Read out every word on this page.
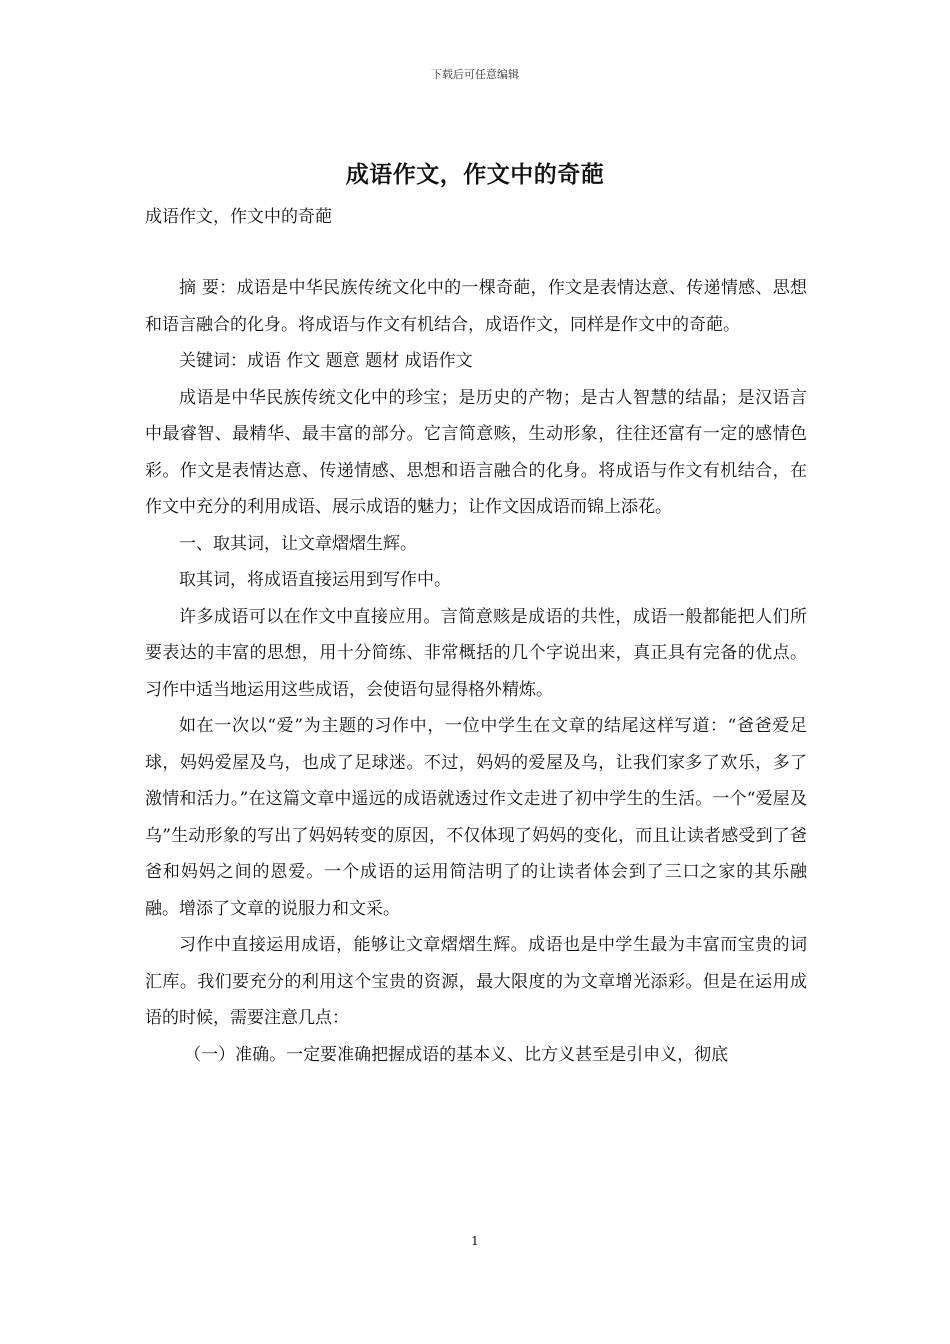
下载后可任意编辑
成语作文，作文中的奇葩
成语作文，作文中的奇葩

摘 要：成语是中华民族传统文化中的一棵奇葩，作文是表情达意、传递情感、思想和语言融合的化身。将成语与作文有机结合，成语作文，同样是作文中的奇葩。

关键词：成语 作文 题意 题材 成语作文

成语是中华民族传统文化中的珍宝；是历史的产物；是古人智慧的结晶；是汉语言中最睿智、最精华、最丰富的部分。它言简意赅，生动形象，往往还富有一定的感情色彩。作文是表情达意、传递情感、思想和语言融合的化身。将成语与作文有机结合，在作文中充分的利用成语、展示成语的魅力；让作文因成语而锦上添花。

一、取其词，让文章熠熠生辉。

取其词，将成语直接运用到写作中。

许多成语可以在作文中直接应用。言简意赅是成语的共性，成语一般都能把人们所要表达的丰富的思想，用十分简练、非常概括的几个字说出来，真正具有完备的优点。习作中适当地运用这些成语，会使语句显得格外精炼。

如在一次以“爱”为主题的习作中，一位中学生在文章的结尾这样写道：“爸爸爱足球，妈妈爱屋及乌，也成了足球迷。不过，妈妈的爱屋及乌，让我们家多了欢乐，多了激情和活力。”在这篇文章中遥远的成语就透过作文走进了初中学生的生活。一个“爱屋及乌”生动形象的写出了妈妈转变的原因，不仅体现了妈妈的变化，而且让读者感受到了爸爸和妈妈之间的恩爱。一个成语的运用简洁明了的让读者体会到了三口之家的其乐融融。增添了文章的说服力和文采。

习作中直接运用成语，能够让文章熠熠生辉。成语也是中学生最为丰富而宝贵的词汇库。我们要充分的利用这个宝贵的资源，最大限度的为文章增光添彩。但是在运用成语的时候，需要注意几点：

（一）准确。一定要准确把握成语的基本义、比方义甚至是引申义，彻底

1
